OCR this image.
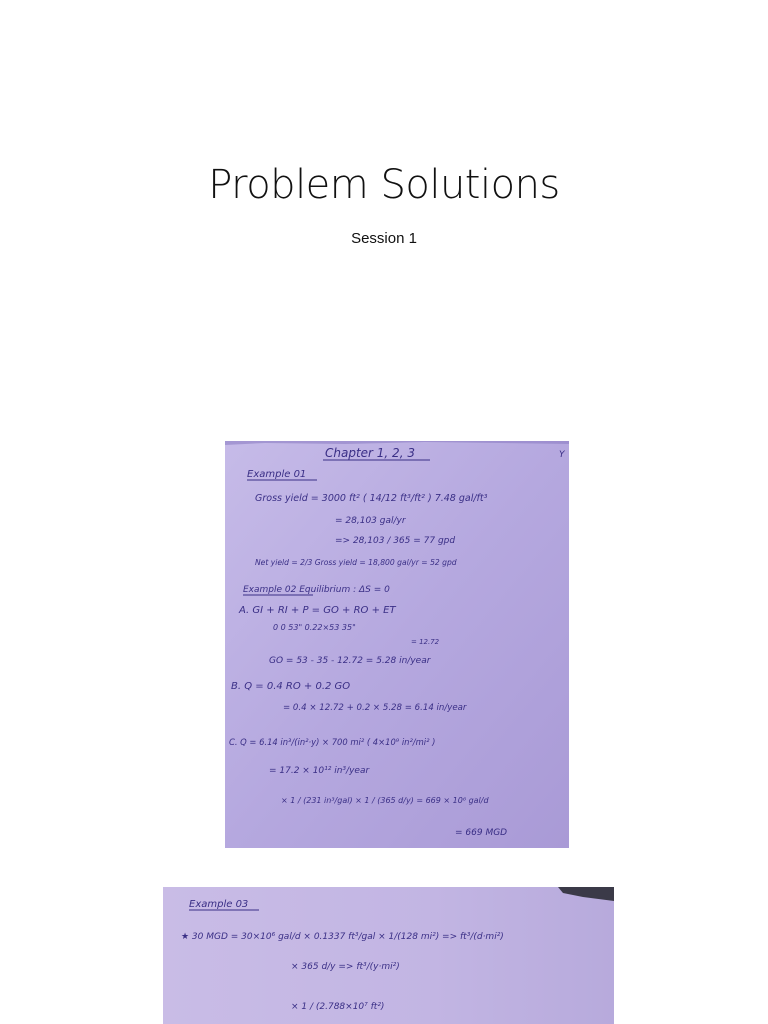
Problem Solutions
Session 1
Chapter 1, 2, 3	Y
Example 01
Gross yield = 3000 ft² ( 14/12 ft³/ft² ) 7.48 gal/ft³
= 28,103 gal/yr
=> 28,103 / 365 = 77 gpd
Net yield = 2/3 Gross yield = 18,800 gal/yr = 52 gpd
Example 02 Equilibrium : ΔS = 0
A. GI + RI + P = GO + RO + ET
0 0 53" 0.22×53 35"
= 12.72
GO = 53 - 35 - 12.72 = 5.28 in/year
B. Q = 0.4 RO + 0.2 GO
= 0.4 × 12.72 + 0.2 × 5.28 = 6.14 in/year
C. Q = 6.14 in³/(in²·y) × 700 mi² ( 4×10⁹ in²/mi² )
= 17.2 × 10¹² in³/year
× 1 / (231 in³/gal) × 1 / (365 d/y) = 669 × 10⁶ gal/d
= 669 MGD
Example 03
★ 30 MGD = 30×10⁶ gal/d × 0.1337 ft³/gal × 1/(128 mi²) => ft³/(d·mi²)
× 365 d/y => ft³/(y·mi²)
× 1 / (2.788×10⁷ ft²)
